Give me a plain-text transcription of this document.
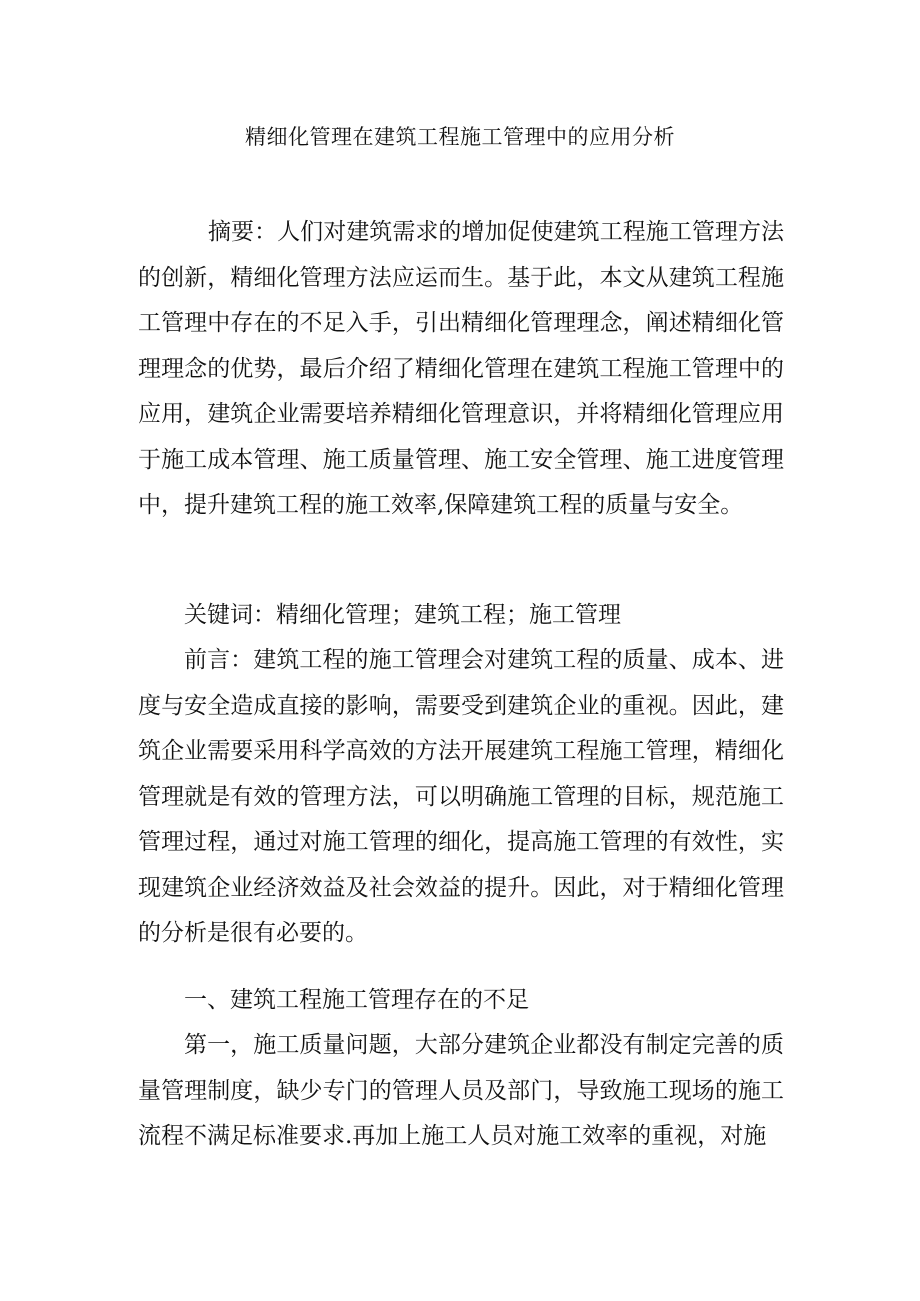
精细化管理在建筑工程施工管理中的应用分析

摘要：人们对建筑需求的增加促使建筑工程施工管理方法的创新，精细化管理方法应运而生。基于此，本文从建筑工程施工管理中存在的不足入手，引出精细化管理理念，阐述精细化管理理念的优势，最后介绍了精细化管理在建筑工程施工管理中的应用，建筑企业需要培养精细化管理意识，并将精细化管理应用于施工成本管理、施工质量管理、施工安全管理、施工进度管理中，提升建筑工程的施工效率,保障建筑工程的质量与安全。

关键词：精细化管理；建筑工程；施工管理

前言：建筑工程的施工管理会对建筑工程的质量、成本、进度与安全造成直接的影响，需要受到建筑企业的重视。因此，建筑企业需要采用科学高效的方法开展建筑工程施工管理，精细化管理就是有效的管理方法，可以明确施工管理的目标，规范施工管理过程，通过对施工管理的细化，提高施工管理的有效性，实现建筑企业经济效益及社会效益的提升。因此，对于精细化管理的分析是很有必要的。

一、建筑工程施工管理存在的不足

第一，施工质量问题，大部分建筑企业都没有制定完善的质量管理制度，缺少专门的管理人员及部门，导致施工现场的施工流程不满足标准要求.再加上施工人员对施工效率的重视，对施
